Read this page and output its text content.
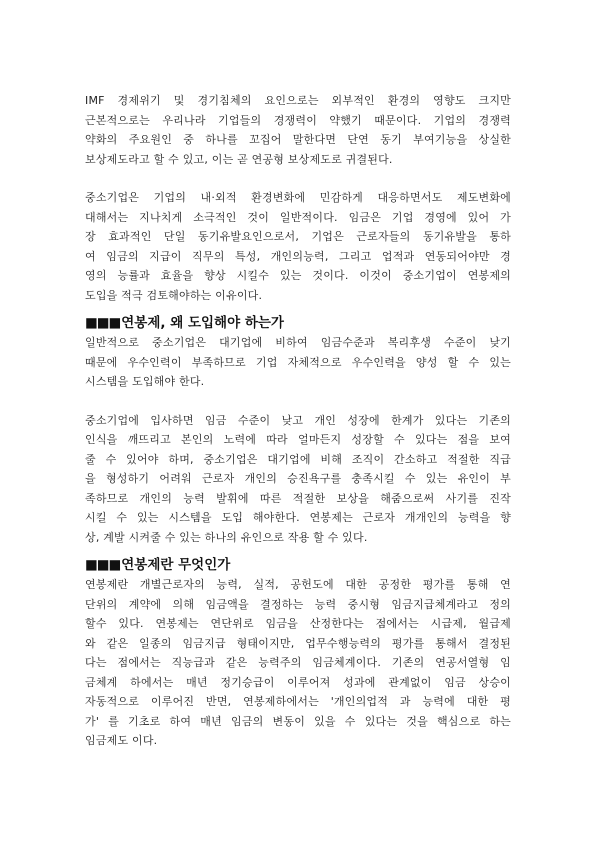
IMF 경제위기 및 경기침체의 요인으로는 외부적인 환경의 영향도 크지만
근본적으로는 우리나라 기업들의 경쟁력이 약했기 때문이다. 기업의 경쟁력
약화의 주요원인 중 하나를 꼬집어 말한다면 단연 동기 부여기능을 상실한
보상제도라고 할 수 있고, 이는 곧 연공형 보상제도로 귀결된다.

중소기업은 기업의 내·외적 환경변화에 민감하게 대응하면서도 제도변화에
대해서는 지나치게 소극적인 것이 일반적이다. 임금은 기업 경영에 있어 가
장 효과적인 단일 동기유발요인으로서, 기업은 근로자들의 동기유발을 통하
여 임금의 지급이 직무의 특성, 개인의능력, 그리고 업적과 연동되어야만 경
영의 능률과 효율을 향상 시킬수 있는 것이다. 이것이 중소기업이 연봉제의
도입을 적극 검토해야하는 이유이다.

■■■연봉제, 왜 도입해야 하는가

일반적으로 중소기업은 대기업에 비하여 임금수준과 복리후생 수준이 낮기
때문에 우수인력이 부족하므로 기업 자체적으로 우수인력을 양성 할 수 있는
시스템을 도입해야 한다.

중소기업에 입사하면 임금 수준이 낮고 개인 성장에 한계가 있다는 기존의
인식을 깨뜨리고 본인의 노력에 따라 얼마든지 성장할 수 있다는 점을 보여
줄 수 있어야 하며, 중소기업은 대기업에 비해 조직이 간소하고 적절한 직급
을 형성하기 어려워 근로자 개인의 승진욕구를 충족시킬 수 있는 유인이 부
족하므로 개인의 능력 발휘에 따른 적절한 보상을 해줌으로써 사기를 진작
시킬 수 있는 시스템을 도입 해야한다. 연봉제는 근로자 개개인의 능력을 향
상, 계발 시켜줄 수 있는 하나의 유인으로 작용 할 수 있다.

■■■연봉제란 무엇인가

연봉제란 개별근로자의 능력, 실적, 공헌도에 대한 공정한 평가를 통해 연
단위의 계약에 의해 임금액을 결정하는 능력 중시형 임금지급체계라고 정의
할수 있다. 연봉제는 연단위로 임금을 산정한다는 점에서는 시급제, 월급제
와 같은 일종의 임금지급 형태이지만, 업무수행능력의 평가를 통해서 결정된
다는 점에서는 직능급과 같은 능력주의 임금체계이다. 기존의 연공서열형 임
금체계 하에서는 매년 정기승급이 이루어져 성과에 관계없이 임금 상승이
자동적으로 이루어진 반면, 연봉제하에서는 '개인의업적 과 능력에 대한 평
가' 를 기초로 하여 매년 임금의 변동이 있을 수 있다는 것을 핵심으로 하는
임금제도 이다.
